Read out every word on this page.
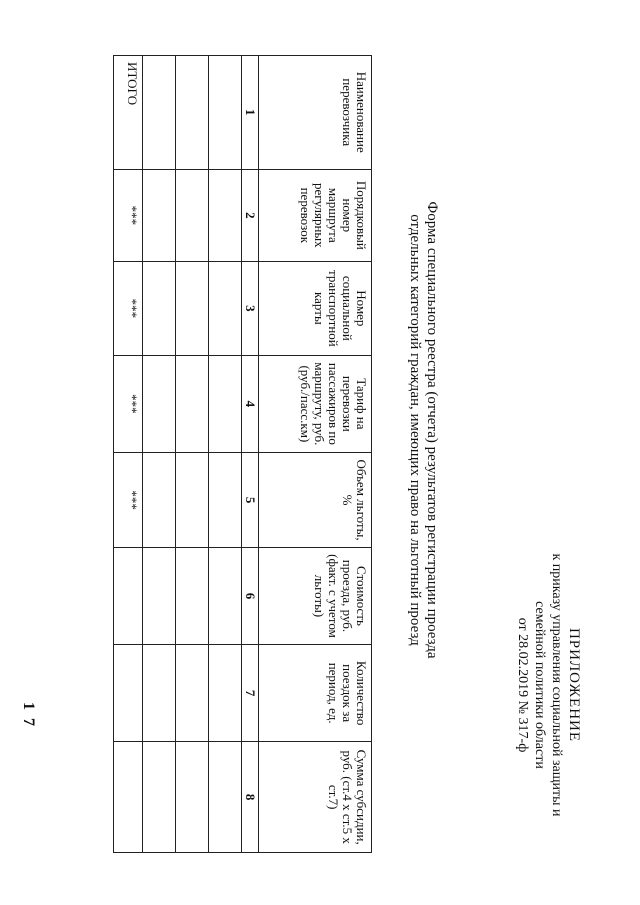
1 7	ПРИЛОЖЕНИЕ
к приказу управления социальной защиты и
семейной политики области
от 28.02.2019 № 317-ф
Форма специального реестра (отчета) результатов регистрации проезда
отдельных категорий граждан, имеющих право на льготный проезд
Наименование перевозчика	Порядковый номер маршрута регулярных перевозок	Номер социальной транспортной карты	Тариф на перевозки пассажиров по маршруту, руб. (руб./пасс.км)	Объем льготы, %	Стоимость проезда, руб. (факт. с учетом льготы)	Количество поездок за период, ед.	Сумма субсидии, руб. (ст.4 х ст.5 х ст.7)
1	2	3	4	5	6	7	8

ИТОГО	***	***	***	***			
